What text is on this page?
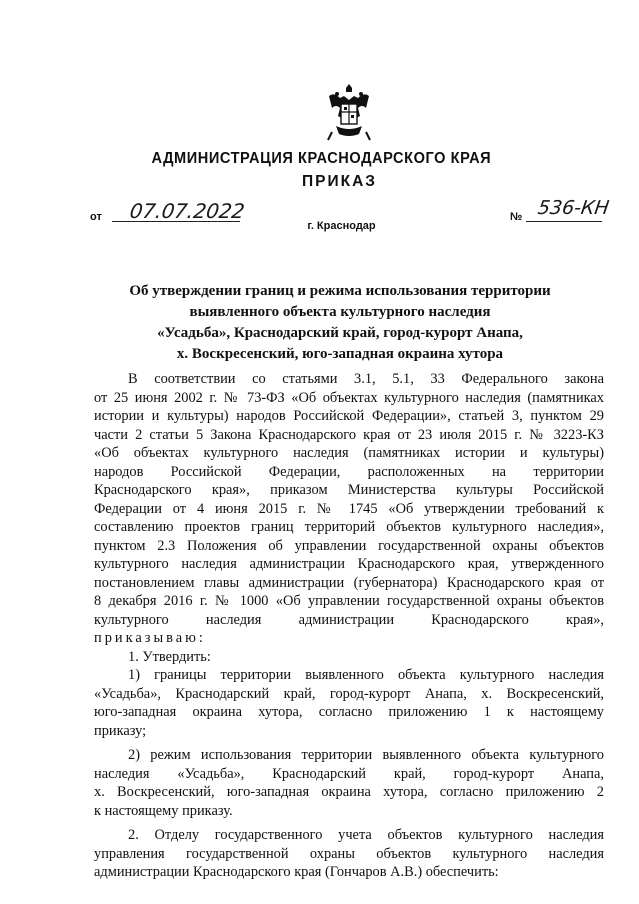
АДМИНИСТРАЦИЯ КРАСНОДАРСКОГО КРАЯ
ПРИКАЗ
от 07.07.2022	№ 536-КН
г. Краснодар
Об утверждении границ и режима использования территории
выявленного объекта культурного наследия
«Усадьба», Краснодарский край, город-курорт Анапа,
х. Воскресенский, юго-западная окраина хутора
В соответствии со статьями 3.1, 5.1, 33 Федерального закона
от 25 июня 2002 г. № 73-ФЗ «Об объектах культурного наследия (памятниках
истории и культуры) народов Российской Федерации», статьей 3, пунктом 29
части 2 статьи 5 Закона Краснодарского края от 23 июля 2015 г. № 3223-КЗ
«Об объектах культурного наследия (памятниках истории и культуры)
народов Российской Федерации, расположенных на территории
Краснодарского края», приказом Министерства культуры Российской
Федерации от 4 июня 2015 г. № 1745 «Об утверждении требований к
составлению проектов границ территорий объектов культурного наследия»,
пунктом 2.3 Положения об управлении государственной охраны объектов
культурного наследия администрации Краснодарского края, утвержденного
постановлением главы администрации (губернатора) Краснодарского края от
8 декабря 2016 г. № 1000 «Об управлении государственной охраны объектов
культурного наследия администрации Краснодарского края»,
приказываю:
1. Утвердить:
1) границы территории выявленного объекта культурного наследия
«Усадьба», Краснодарский край, город-курорт Анапа, х. Воскресенский,
юго-западная окраина хутора, согласно приложению 1 к настоящему
приказу;
2) режим использования территории выявленного объекта культурного
наследия «Усадьба», Краснодарский край, город-курорт Анапа,
х. Воскресенский, юго-западная окраина хутора, согласно приложению 2
к настоящему приказу.
2. Отделу государственного учета объектов культурного наследия
управления государственной охраны объектов культурного наследия
администрации Краснодарского края (Гончаров А.В.) обеспечить:
